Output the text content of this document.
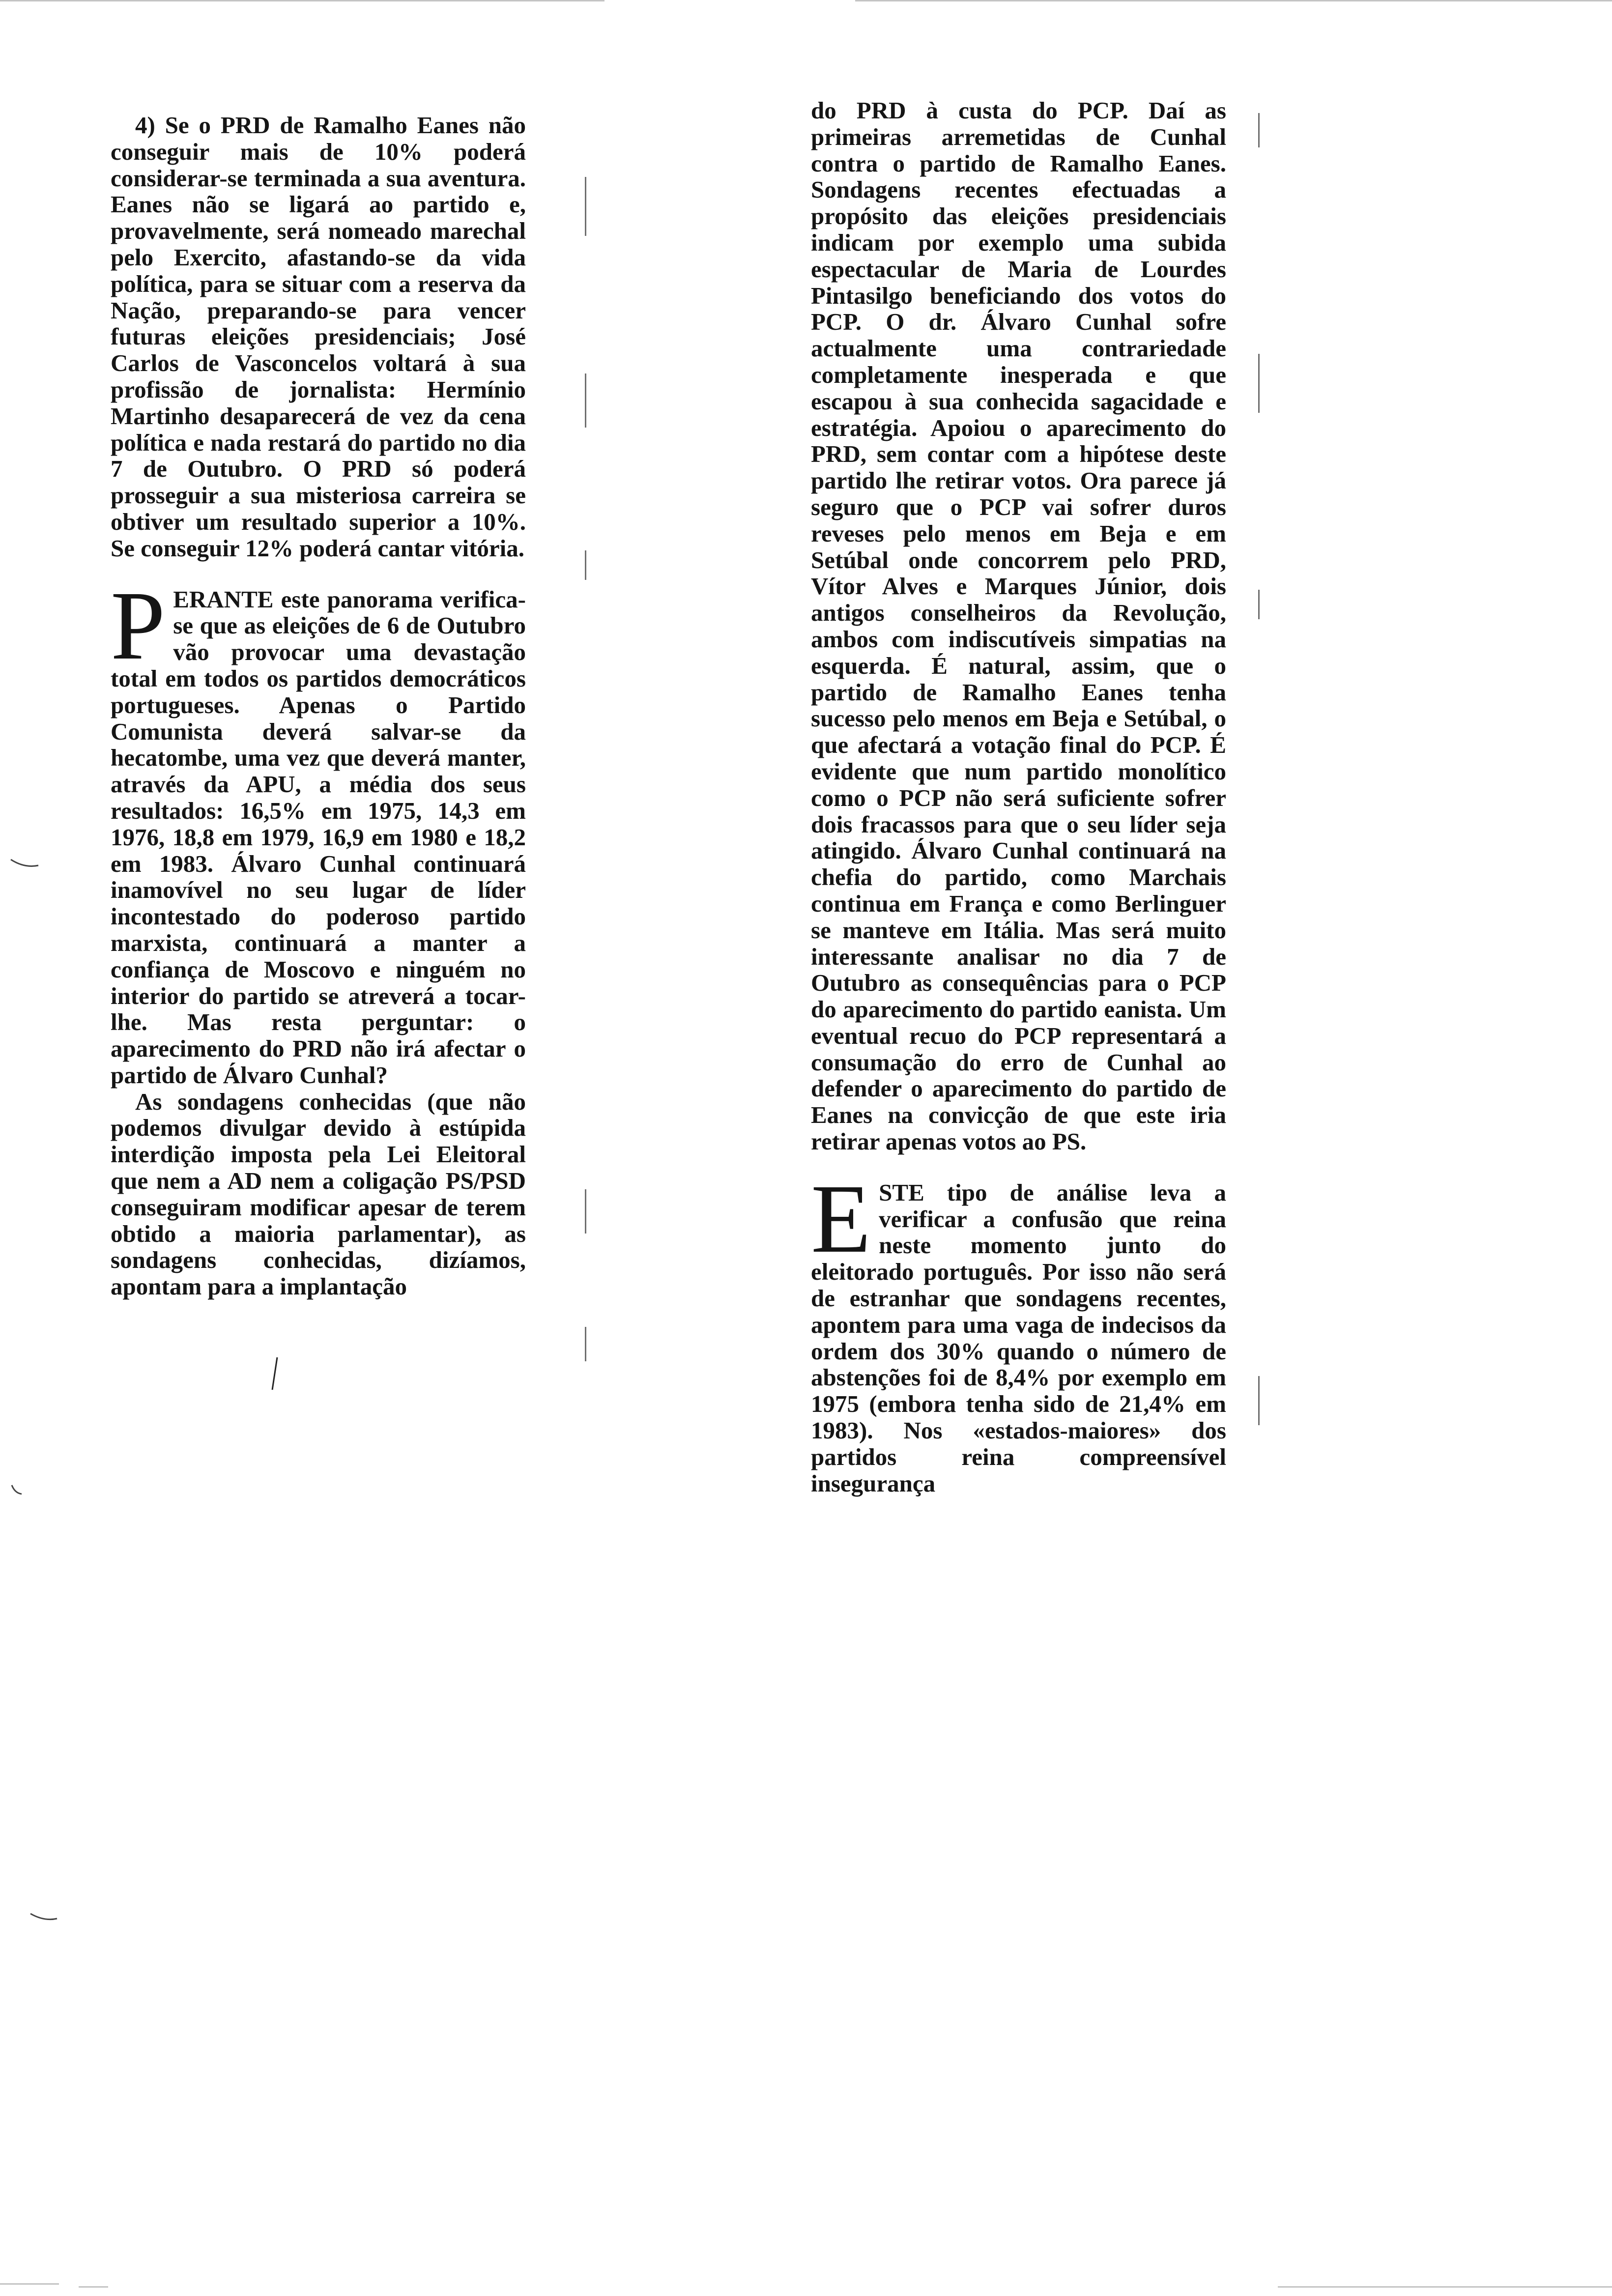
4) Se o PRD de Ramalho Eanes não conseguir mais de 10% poderá considerar-se terminada a sua aventura. Eanes não se ligará ao partido e, provavelmente, será nomeado marechal pelo Exercito, afastando-se da vida política, para se situar com a reserva da Nação, preparando-se para vencer futuras eleições presidenciais; José Carlos de Vasconcelos voltará à sua profissão de jornalista: Hermínio Martinho desaparecerá de vez da cena política e nada restará do partido no dia 7 de Outubro. O PRD só poderá prosseguir a sua misteriosa carreira se obtiver um resultado superior a 10%. Se conseguir 12% poderá cantar vitória.

PERANTE este panorama verifica-se que as eleições de 6 de Outubro vão provocar uma devastação total em todos os partidos democráticos portugueses. Apenas o Partido Comunista deverá salvar-se da hecatombe, uma vez que deverá manter, através da APU, a média dos seus resultados: 16,5% em 1975, 14,3 em 1976, 18,8 em 1979, 16,9 em 1980 e 18,2 em 1983. Álvaro Cunhal continuará inamovível no seu lugar de líder incontestado do poderoso partido marxista, continuará a manter a confiança de Moscovo e ninguém no interior do partido se atreverá a tocar-lhe. Mas resta perguntar: o aparecimento do PRD não irá afectar o partido de Álvaro Cunhal?

As sondagens conhecidas (que não podemos divulgar devido à estúpida interdição imposta pela Lei Eleitoral que nem a AD nem a coligação PS/PSD conseguiram modificar apesar de terem obtido a maioria parlamentar), as sondagens conhecidas, dizíamos, apontam para a implantação

do PRD à custa do PCP. Daí as primeiras arremetidas de Cunhal contra o partido de Ramalho Eanes. Sondagens recentes efectuadas a propósito das eleições presidenciais indicam por exemplo uma subida espectacular de Maria de Lourdes Pintasilgo beneficiando dos votos do PCP. O dr. Álvaro Cunhal sofre actualmente uma contrariedade completamente inesperada e que escapou à sua conhecida sagacidade e estratégia. Apoiou o aparecimento do PRD, sem contar com a hipótese deste partido lhe retirar votos. Ora parece já seguro que o PCP vai sofrer duros reveses pelo menos em Beja e em Setúbal onde concorrem pelo PRD, Vítor Alves e Marques Júnior, dois antigos conselheiros da Revolução, ambos com indiscutíveis simpatias na esquerda. É natural, assim, que o partido de Ramalho Eanes tenha sucesso pelo menos em Beja e Setúbal, o que afectará a votação final do PCP. É evidente que num partido monolítico como o PCP não será suficiente sofrer dois fracassos para que o seu líder seja atingido. Álvaro Cunhal continuará na chefia do partido, como Marchais continua em França e como Berlinguer se manteve em Itália. Mas será muito interessante analisar no dia 7 de Outubro as consequências para o PCP do aparecimento do partido eanista. Um eventual recuo do PCP representará a consumação do erro de Cunhal ao defender o aparecimento do partido de Eanes na convicção de que este iria retirar apenas votos ao PS.

ESTE tipo de análise leva a verificar a confusão que reina neste momento junto do eleitorado português. Por isso não será de estranhar que sondagens recentes, apontem para uma vaga de indecisos da ordem dos 30% quando o número de abstenções foi de 8,4% por exemplo em 1975 (embora tenha sido de 21,4% em 1983). Nos «estados-maiores» dos partidos reina compreensível insegurança
